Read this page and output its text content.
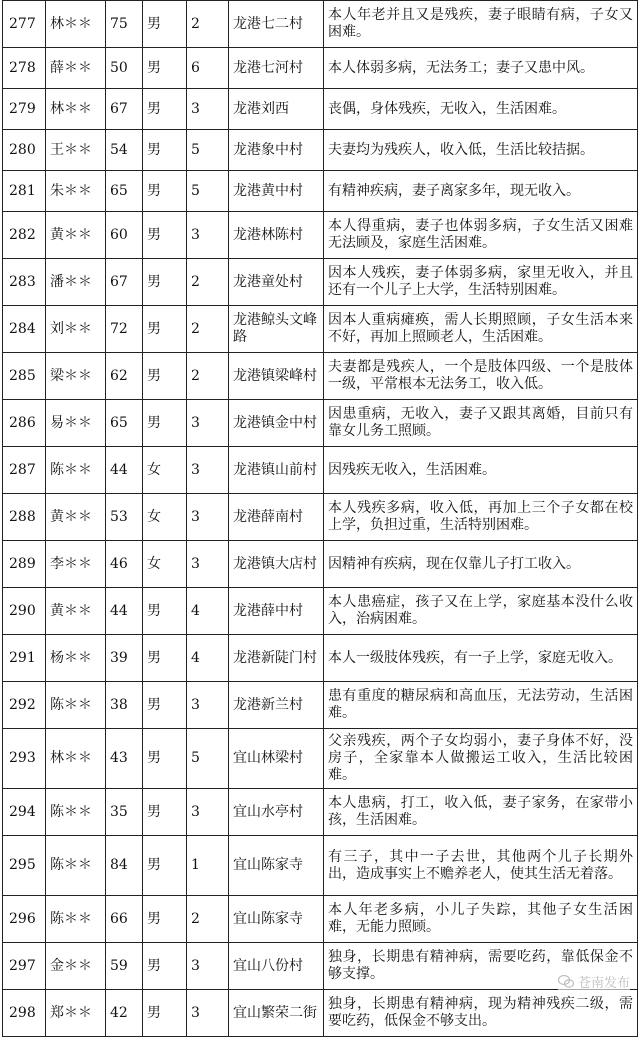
277	林＊＊	75	男	2	龙港七二村	本人年老并且又是残疾，妻子眼睛有病，子女又困难。
278	薛＊＊	50	男	6	龙港七河村	本人体弱多病，无法务工；妻子又患中风。
279	林＊＊	67	男	3	龙港刘西	丧偶，身体残疾，无收入，生活困难。
280	王＊＊	54	男	5	龙港象中村	夫妻均为残疾人，收入低，生活比较拮据。
281	朱＊＊	65	男	5	龙港黄中村	有精神疾病，妻子离家多年，现无收入。
282	黄＊＊	60	男	3	龙港林陈村	本人得重病，妻子也体弱多病，子女生活又困难无法顾及，家庭生活困难。
283	潘＊＊	67	男	2	龙港童处村	因本人残疾，妻子体弱多病，家里无收入，并且还有一个儿子上大学，生活特别困难。
284	刘＊＊	72	男	2	龙港鲸头文峰路	因本人重病瘫痪，需人长期照顾，子女生活本来不好，再加上照顾老人，生活困难。
285	梁＊＊	62	男	2	龙港镇梁峰村	夫妻都是残疾人，一个是肢体四级、一个是肢体一级，平常根本无法务工，收入低。
286	易＊＊	65	男	3	龙港镇金中村	因患重病，无收入，妻子又跟其离婚，目前只有靠女儿务工照顾。
287	陈＊＊	44	女	3	龙港镇山前村	因残疾无收入，生活困难。
288	黄＊＊	53	女	3	龙港薛南村	本人残疾多病，收入低，再加上三个子女都在校上学，负担过重，生活特别困难。
289	李＊＊	46	女	3	龙港镇大店村	因精神有疾病，现在仅靠儿子打工收入。
290	黄＊＊	44	男	4	龙港薛中村	本人患癌症，孩子又在上学，家庭基本没什么收入，治病困难。
291	杨＊＊	39	男	4	龙港新陡门村	本人一级肢体残疾，有一子上学，家庭无收入。
292	陈＊＊	38	男	3	龙港新兰村	患有重度的糖尿病和高血压，无法劳动，生活困难。
293	林＊＊	43	男	5	宜山林梁村	父亲残疾，两个子女均弱小，妻子身体不好，没房子，全家靠本人做搬运工收入，生活比较困难。
294	陈＊＊	35	男	3	宜山水亭村	本人患病，打工，收入低，妻子家务，在家带小孩，生活困难。
295	陈＊＊	84	男	1	宜山陈家寺	有三子，其中一子去世，其他两个儿子长期外出，造成事实上不赡养老人，使其生活无着落。
296	陈＊＊	66	男	2	宜山陈家寺	本人年老多病，小儿子失踪，其他子女生活困难，无能力照顾。
297	金＊＊	59	男	3	宜山八份村	独身，长期患有精神病，需要吃药，靠低保金不够支撑。
298	郑＊＊	42	男	3	宜山繁荣二街	独身，长期患有精神病，现为精神残疾二级，需要吃药，低保金不够支出。
苍南发布
